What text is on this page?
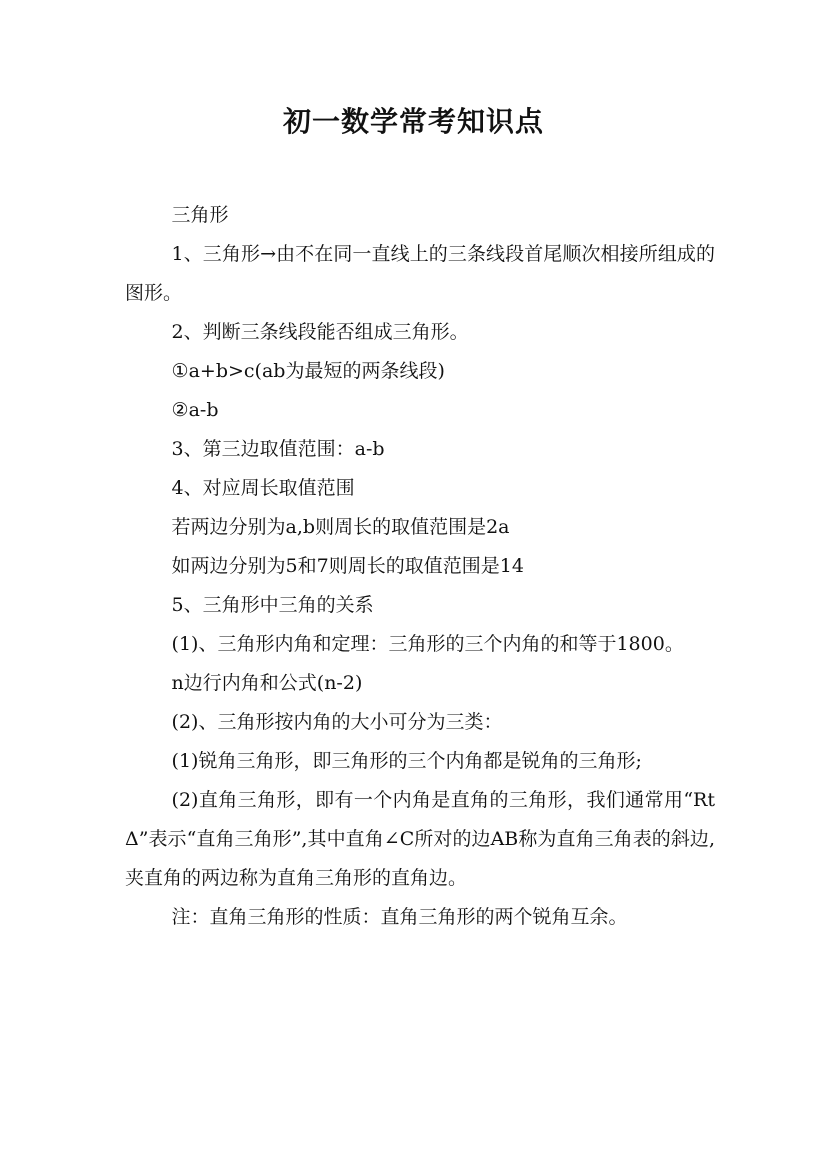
初一数学常考知识点

三角形

1、三角形→由不在同一直线上的三条线段首尾顺次相接所组成的图形。

2、判断三条线段能否组成三角形。

①a+b>c(ab为最短的两条线段)

②a-b

3、第三边取值范围：a-b

4、对应周长取值范围

若两边分别为a,b则周长的取值范围是2a

如两边分别为5和7则周长的取值范围是14

5、三角形中三角的关系

(1)、三角形内角和定理：三角形的三个内角的和等于1800。

n边行内角和公式(n-2)

(2)、三角形按内角的大小可分为三类：

(1)锐角三角形，即三角形的三个内角都是锐角的三角形;

(2)直角三角形，即有一个内角是直角的三角形，我们通常用“RtΔ”表示“直角三角形”,其中直角∠C所对的边AB称为直角三角表的斜边,夹直角的两边称为直角三角形的直角边。

注：直角三角形的性质：直角三角形的两个锐角互余。
